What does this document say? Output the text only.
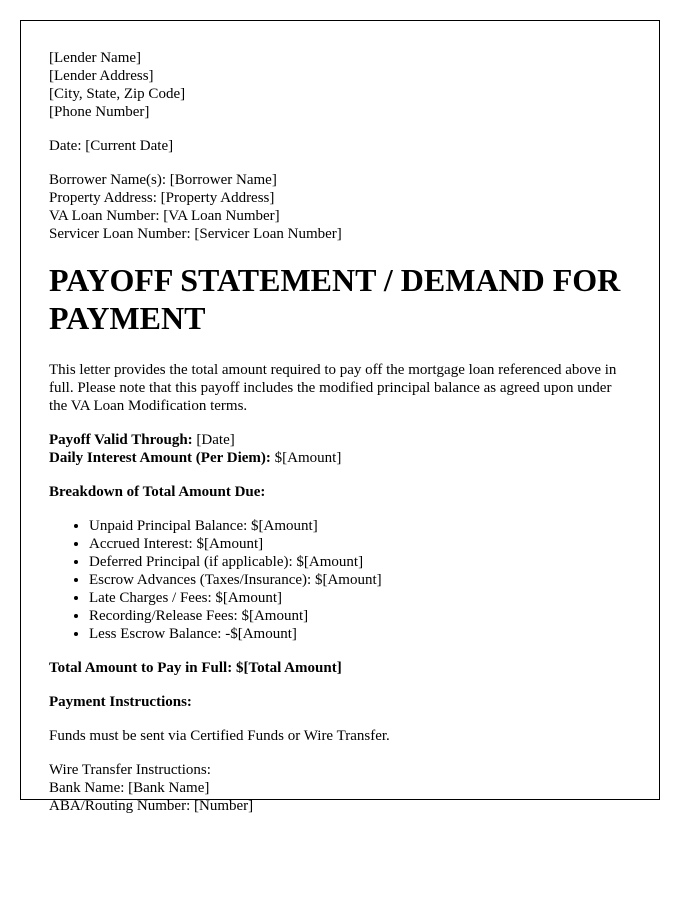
[Lender Name]
[Lender Address]
[City, State, Zip Code]
[Phone Number]
Date: [Current Date]
Borrower Name(s): [Borrower Name]
Property Address: [Property Address]
VA Loan Number: [VA Loan Number]
Servicer Loan Number: [Servicer Loan Number]
PAYOFF STATEMENT / DEMAND FOR PAYMENT

This letter provides the total amount required to pay off the mortgage loan referenced above in full. Please note that this payoff includes the modified principal balance as agreed upon under the VA Loan Modification terms.

Payoff Valid Through: [Date]
Daily Interest Amount (Per Diem): $[Amount]

Breakdown of Total Amount Due:

• Unpaid Principal Balance: $[Amount]
• Accrued Interest: $[Amount]
• Deferred Principal (if applicable): $[Amount]
• Escrow Advances (Taxes/Insurance): $[Amount]
• Late Charges / Fees: $[Amount]
• Recording/Release Fees: $[Amount]
• Less Escrow Balance: -$[Amount]

Total Amount to Pay in Full: $[Total Amount]

Payment Instructions:

Funds must be sent via Certified Funds or Wire Transfer.

Wire Transfer Instructions:
Bank Name: [Bank Name]
ABA/Routing Number: [Number]
